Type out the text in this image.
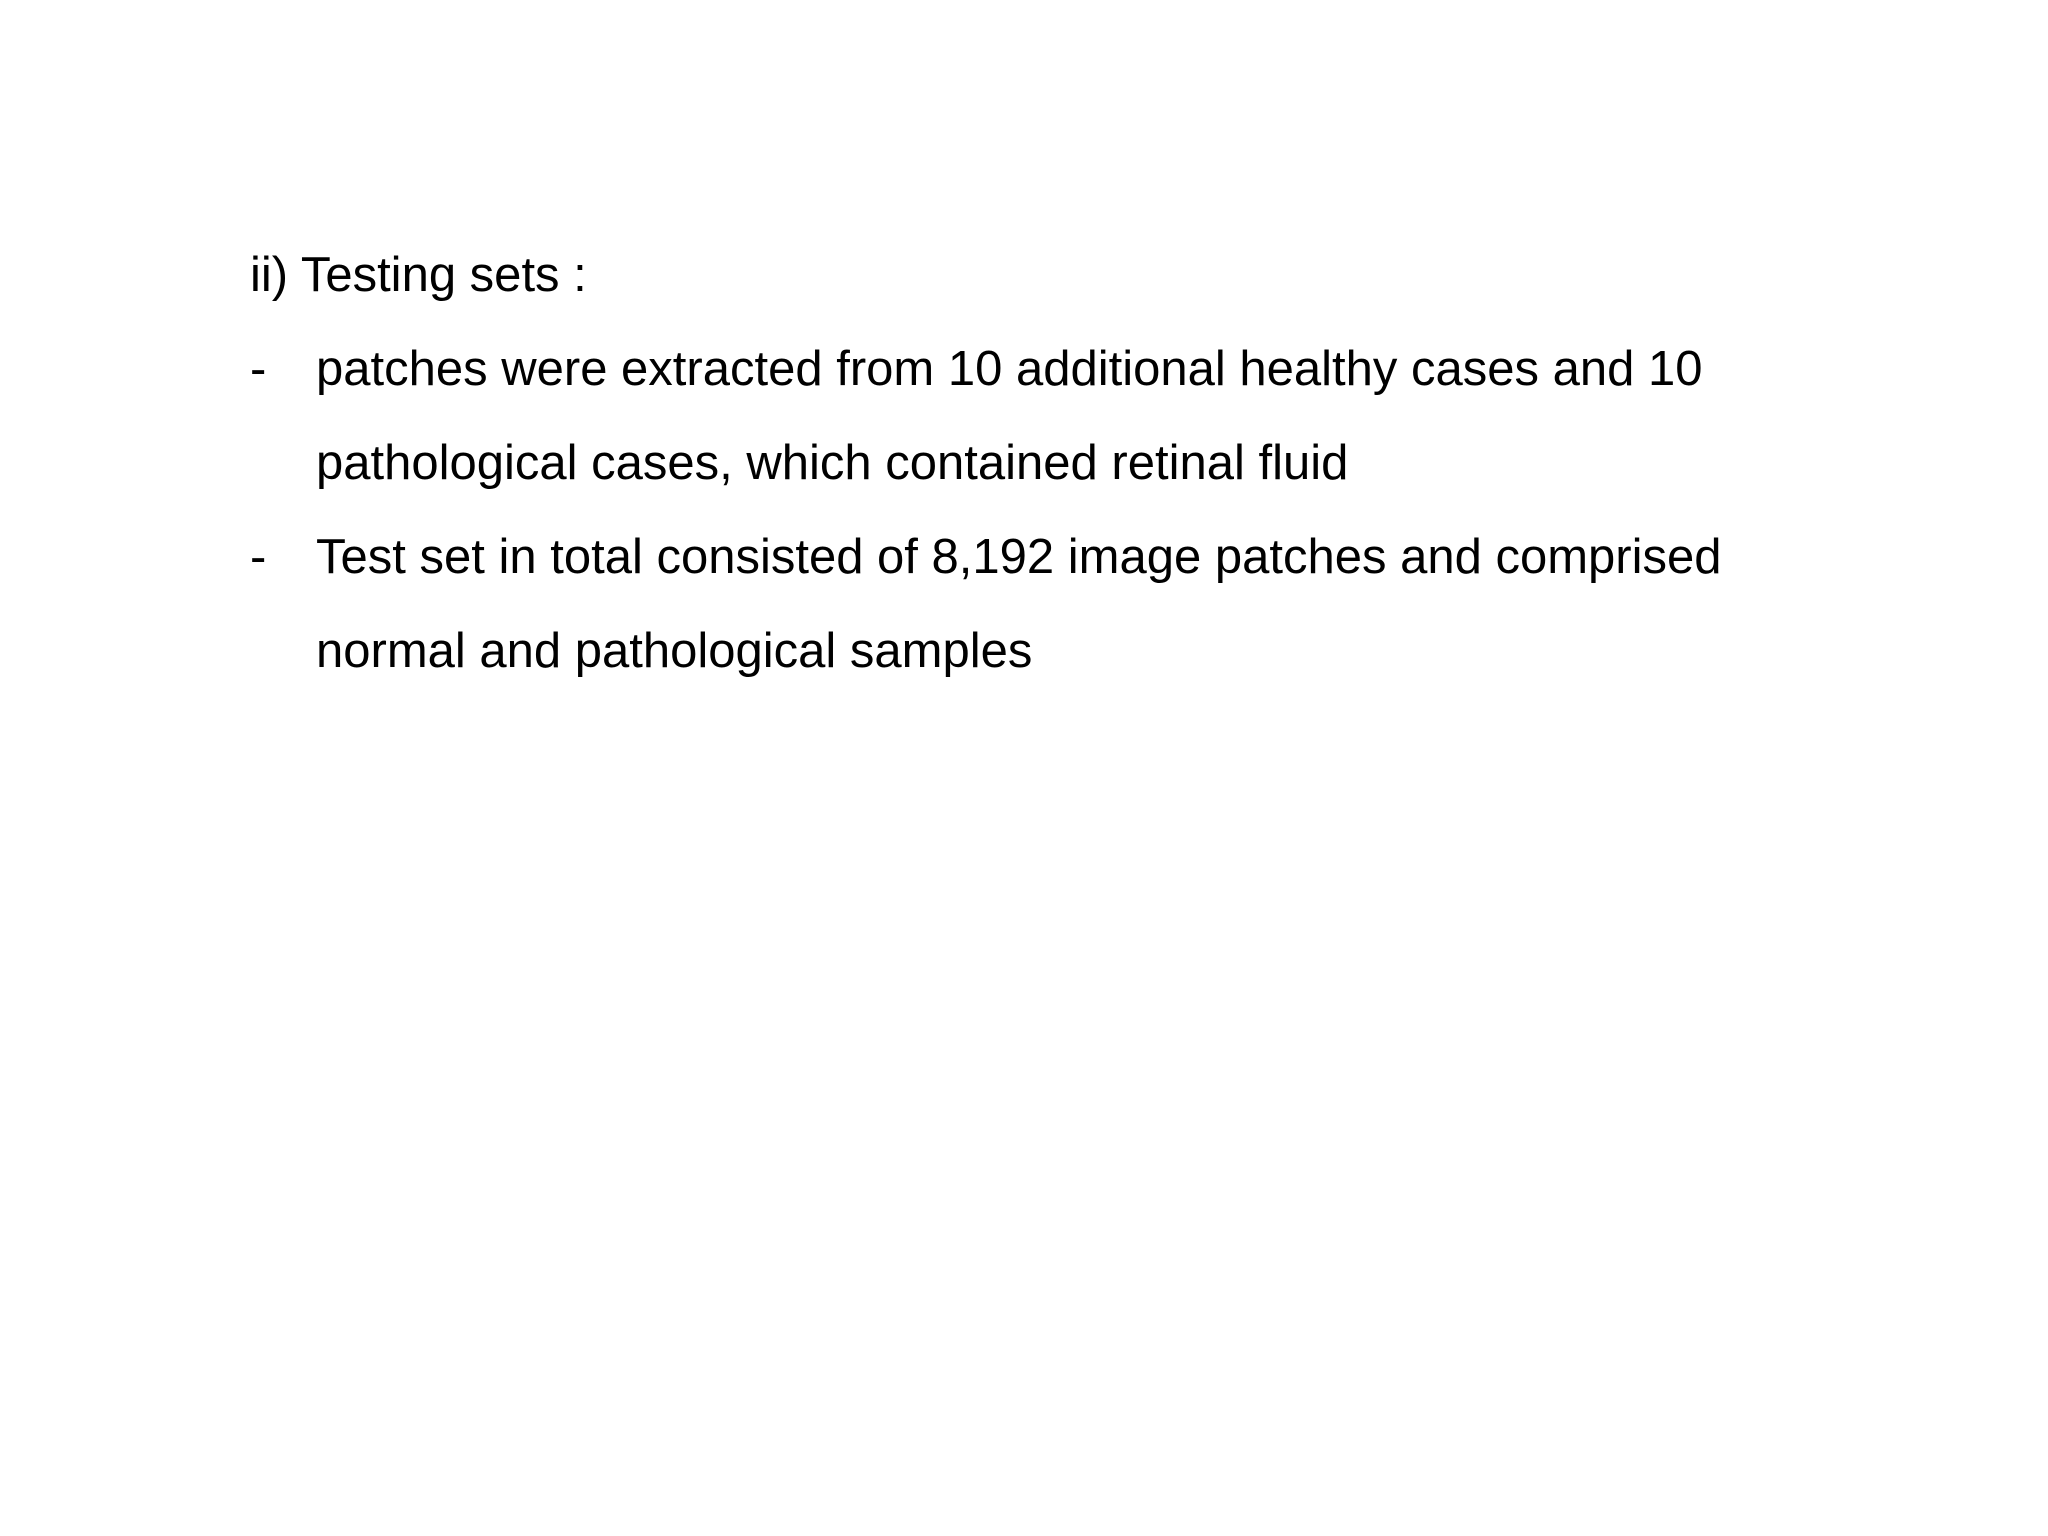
ii) Testing sets :

-	patches were extracted from 10 additional healthy cases and 10
pathological cases, which contained retinal fluid
-	Test set in total consisted of 8,192 image patches and comprised
normal and pathological samples
